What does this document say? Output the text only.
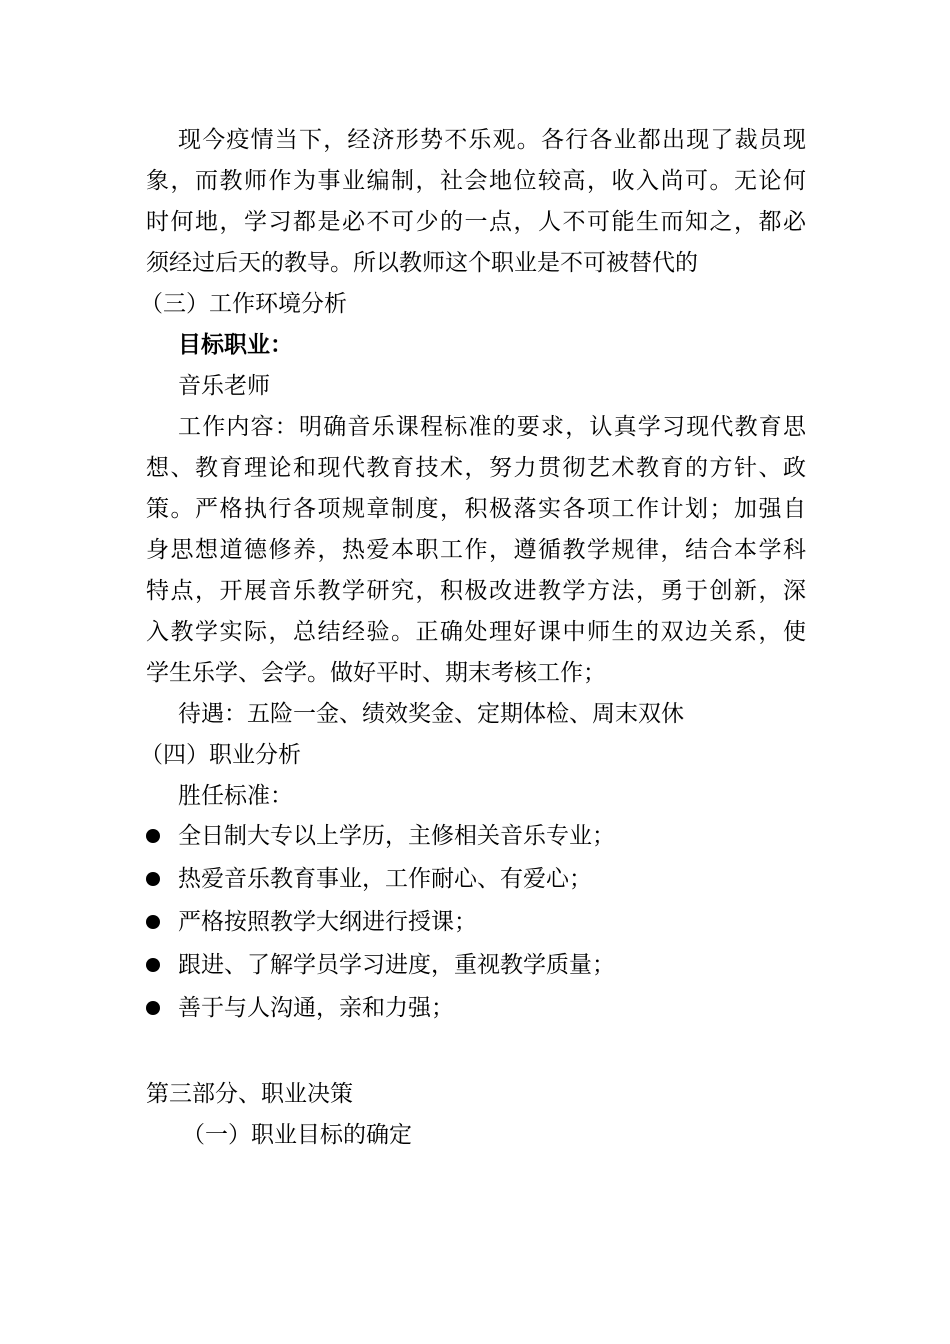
现今疫情当下，经济形势不乐观。各行各业都出现了裁员现
象，而教师作为事业编制，社会地位较高，收入尚可。无论何
时何地，学习都是必不可少的一点，人不可能生而知之，都必
须经过后天的教导。所以教师这个职业是不可被替代的
（三）工作环境分析
目标职业：
音乐老师
工作内容：明确音乐课程标准的要求，认真学习现代教育思
想、教育理论和现代教育技术，努力贯彻艺术教育的方针、政
策。严格执行各项规章制度，积极落实各项工作计划；加强自
身思想道德修养，热爱本职工作，遵循教学规律，结合本学科
特点，开展音乐教学研究，积极改进教学方法，勇于创新，深
入教学实际，总结经验。正确处理好课中师生的双边关系，使
学生乐学、会学。做好平时、期末考核工作；
待遇：五险一金、绩效奖金、定期体检、周末双休
（四）职业分析
胜任标准：
全日制大专以上学历，主修相关音乐专业；
热爱音乐教育事业，工作耐心、有爱心；
严格按照教学大纲进行授课；
跟进、了解学员学习进度，重视教学质量；
善于与人沟通，亲和力强；
第三部分、职业决策
（一）职业目标的确定
